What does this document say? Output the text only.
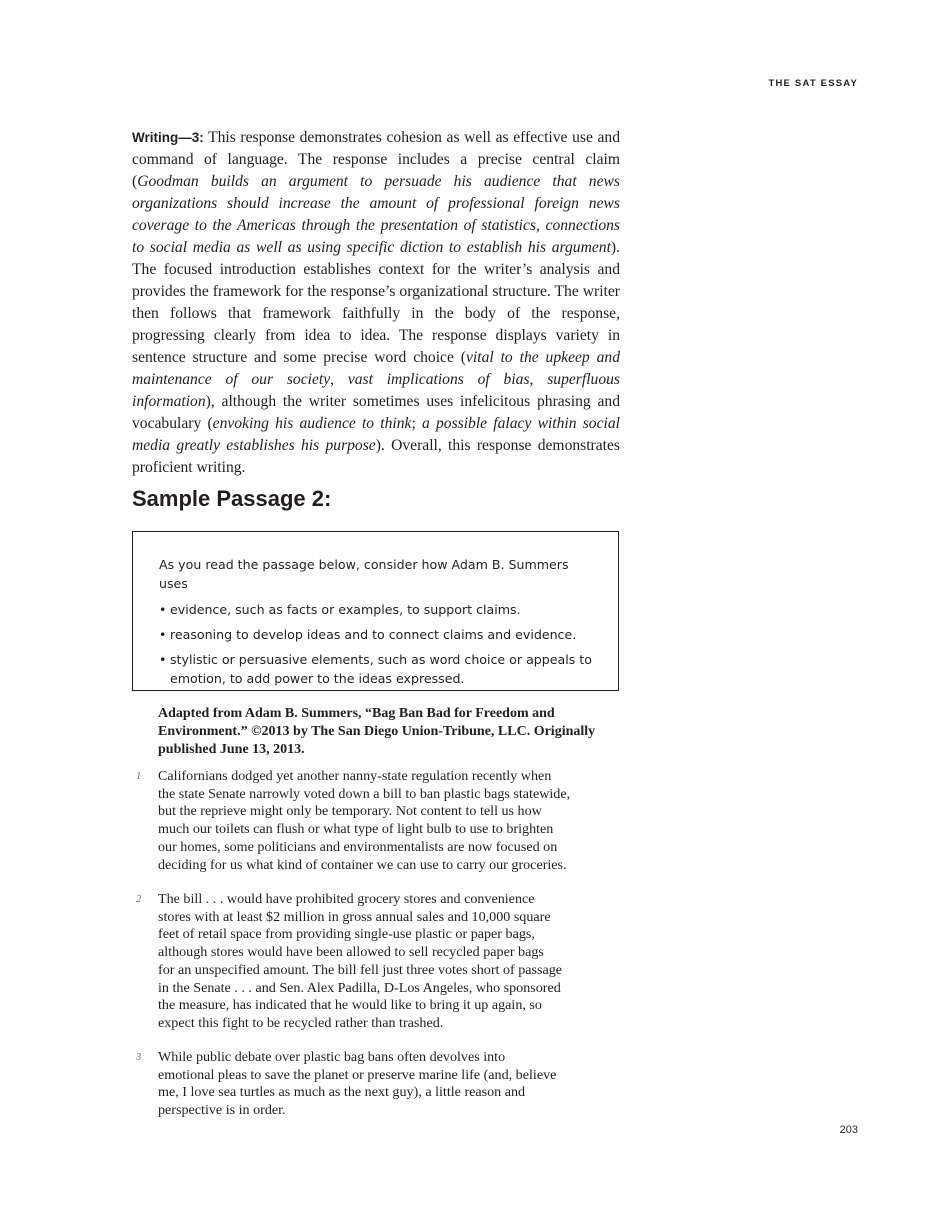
THE SAT ESSAY

Writing—3: This response demonstrates cohesion as well as effective use and command of language. The response includes a precise central claim (Goodman builds an argument to persuade his audience that news organizations should increase the amount of professional foreign news coverage to the Americas through the presentation of statistics, connections to social media as well as using specific diction to establish his argument). The focused introduction establishes context for the writer’s analysis and provides the framework for the response’s organizational structure. The writer then follows that framework faithfully in the body of the response, progressing clearly from idea to idea. The response displays variety in sentence structure and some precise word choice (vital to the upkeep and maintenance of our society, vast implications of bias, superfluous information), although the writer sometimes uses infelicitous phrasing and vocabulary (envoking his audience to think; a possible falacy within social media greatly establishes his purpose). Overall, this response demonstrates proficient writing.

Sample Passage 2:

As you read the passage below, consider how Adam B. Summers uses

• evidence, such as facts or examples, to support claims.
• reasoning to develop ideas and to connect claims and evidence.
• stylistic or persuasive elements, such as word choice or appeals to emotion, to add power to the ideas expressed.

Adapted from Adam B. Summers, “Bag Ban Bad for Freedom and Environment.” ©2013 by The San Diego Union-Tribune, LLC. Originally published June 13, 2013.

1	Californians dodged yet another nanny-state regulation recently when
the state Senate narrowly voted down a bill to ban plastic bags statewide,
but the reprieve might only be temporary. Not content to tell us how
much our toilets can flush or what type of light bulb to use to brighten
our homes, some politicians and environmentalists are now focused on
deciding for us what kind of container we can use to carry our groceries.

2	The bill . . . would have prohibited grocery stores and convenience
stores with at least $2 million in gross annual sales and 10,000 square
feet of retail space from providing single-use plastic or paper bags,
although stores would have been allowed to sell recycled paper bags
for an unspecified amount. The bill fell just three votes short of passage
in the Senate . . . and Sen. Alex Padilla, D-Los Angeles, who sponsored
the measure, has indicated that he would like to bring it up again, so
expect this fight to be recycled rather than trashed.

3	While public debate over plastic bag bans often devolves into
emotional pleas to save the planet or preserve marine life (and, believe
me, I love sea turtles as much as the next guy), a little reason and
perspective is in order.

203
